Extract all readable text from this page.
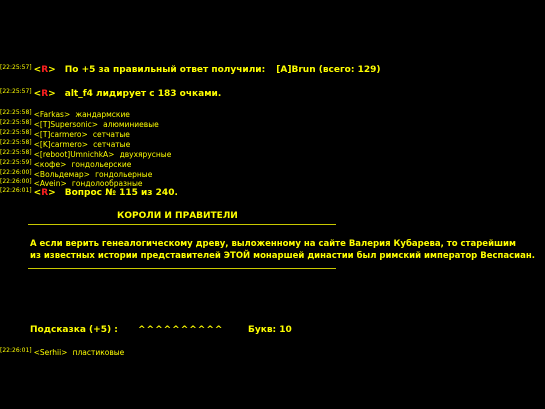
[22:25:57] <R> По +5 за правильный ответ получили: [A]Brun (всего: 129)
[22:25:57] <R> alt_f4 лидирует с 183 очками.
[22:25:58] <Farkas> жандармские
[22:25:58] <[T]Supersonic> алюминиевые
[22:25:58] <[T]carmero> сетчатые
[22:25:58] <[K]carmero> сетчатые
[22:25:58] <[reboot]UmnichkA> двухярусные
[22:25:59] <кофе> гондольерские
[22:26:00] <Вольдемар> гондольерные
[22:26:00] <Avein> гондолообразные
[22:26:01] <R> Вопрос № 115 из 240.
КОРОЛИ И ПРАВИТЕЛИ
А если верить генеалогическому древу, выложенному на сайте Валерия Кубарева, то старейшим
из известных истории представителей ЭТОЙ монаршей династии был римский император Веспасиан.
Подсказка (+5) : ^^^^^^^^^^	Букв: 10
[22:26:01] <Serhii> пластиковые
